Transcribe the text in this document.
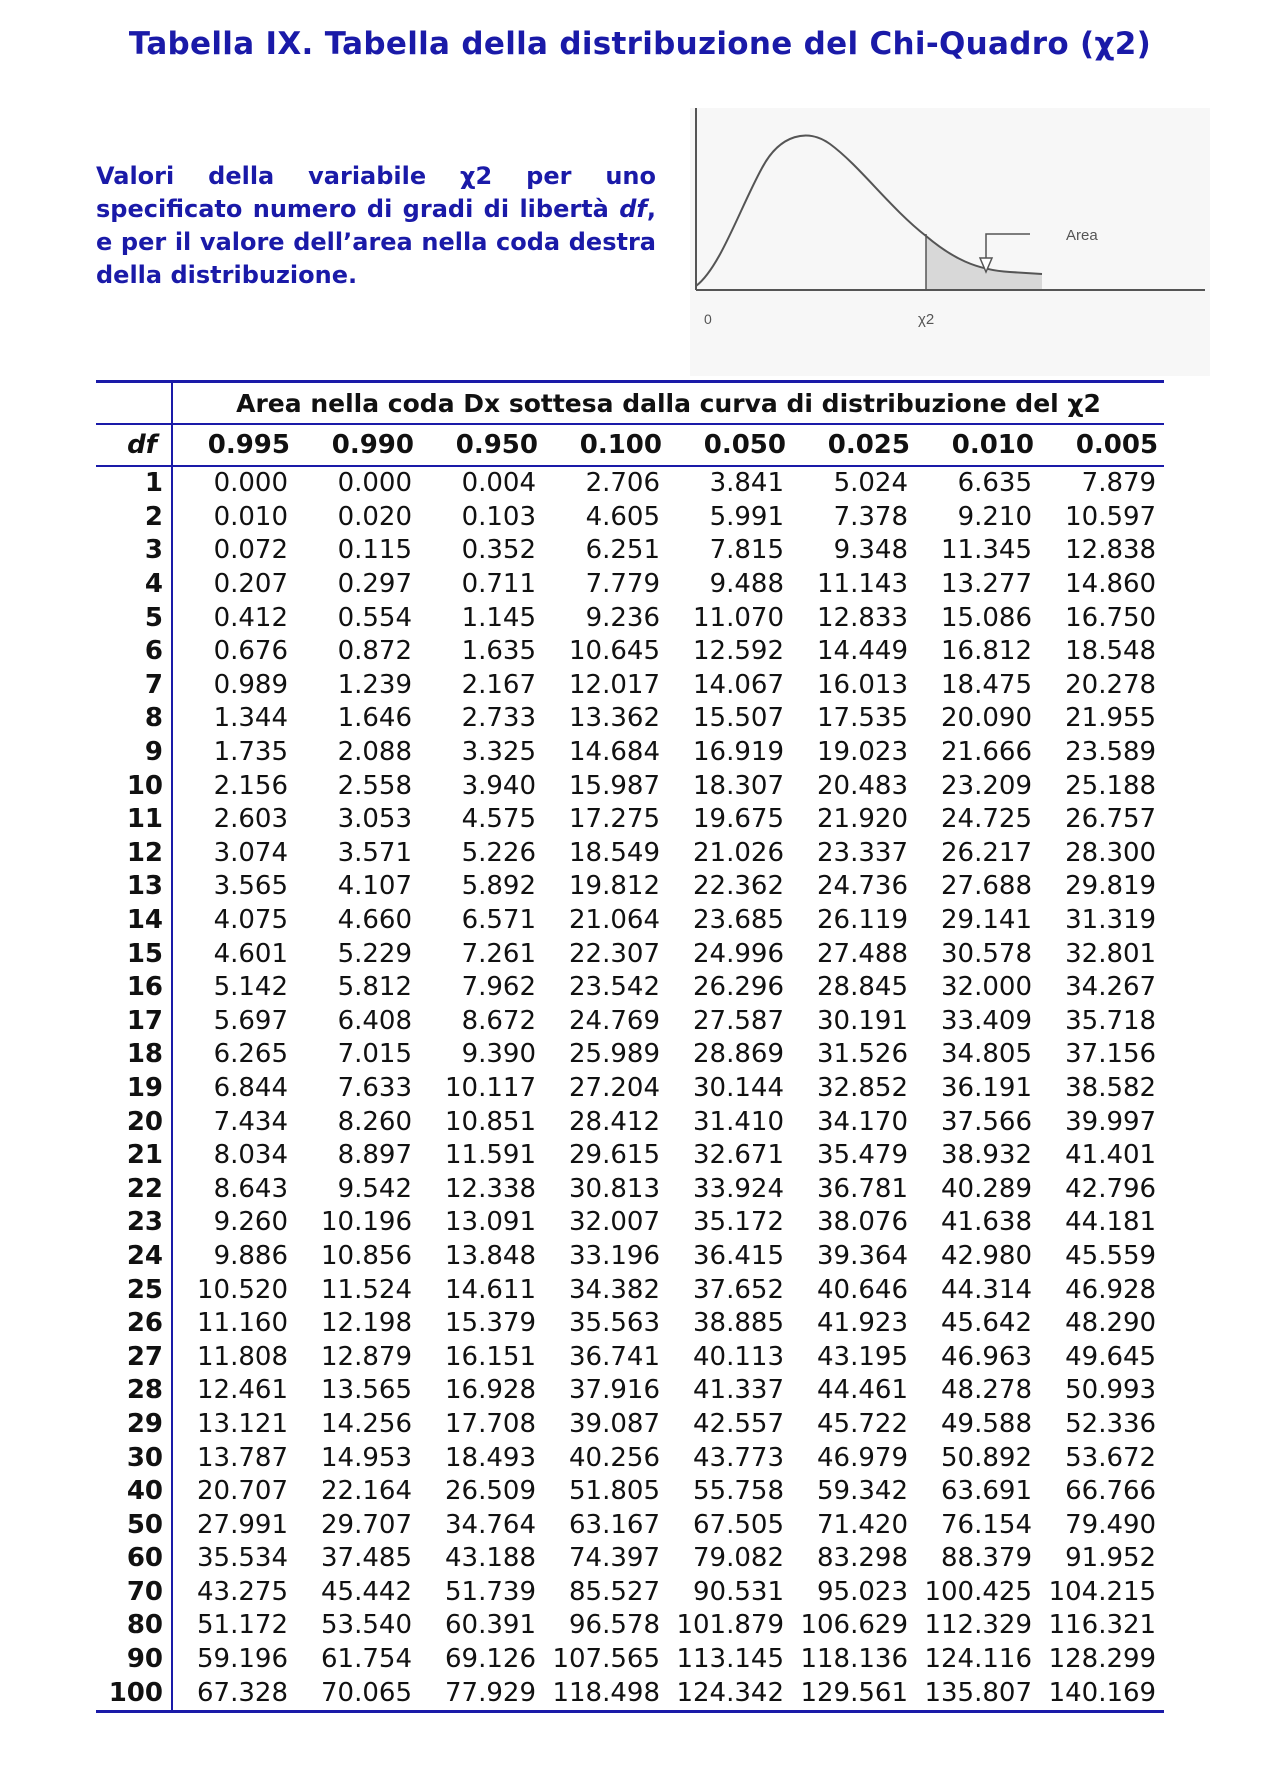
Tabella IX. Tabella della distribuzione del Chi-Quadro (χ2)
Valori della variabile χ2 per uno specificato numero di gradi di libertà df, e per il valore dell’area nella coda destra della distribuzione.
Area
0	χ2
	Area nella coda Dx sottesa dalla curva di distribuzione del χ2							
df	0.995	0.990	0.950	0.100	0.050	0.025	0.010	0.005
1	0.000	0.000	0.004	2.706	3.841	5.024	6.635	7.879
2	0.010	0.020	0.103	4.605	5.991	7.378	9.210	10.597
3	0.072	0.115	0.352	6.251	7.815	9.348	11.345	12.838
4	0.207	0.297	0.711	7.779	9.488	11.143	13.277	14.860
5	0.412	0.554	1.145	9.236	11.070	12.833	15.086	16.750
6	0.676	0.872	1.635	10.645	12.592	14.449	16.812	18.548
7	0.989	1.239	2.167	12.017	14.067	16.013	18.475	20.278
8	1.344	1.646	2.733	13.362	15.507	17.535	20.090	21.955
9	1.735	2.088	3.325	14.684	16.919	19.023	21.666	23.589
10	2.156	2.558	3.940	15.987	18.307	20.483	23.209	25.188
11	2.603	3.053	4.575	17.275	19.675	21.920	24.725	26.757
12	3.074	3.571	5.226	18.549	21.026	23.337	26.217	28.300
13	3.565	4.107	5.892	19.812	22.362	24.736	27.688	29.819
14	4.075	4.660	6.571	21.064	23.685	26.119	29.141	31.319
15	4.601	5.229	7.261	22.307	24.996	27.488	30.578	32.801
16	5.142	5.812	7.962	23.542	26.296	28.845	32.000	34.267
17	5.697	6.408	8.672	24.769	27.587	30.191	33.409	35.718
18	6.265	7.015	9.390	25.989	28.869	31.526	34.805	37.156
19	6.844	7.633	10.117	27.204	30.144	32.852	36.191	38.582
20	7.434	8.260	10.851	28.412	31.410	34.170	37.566	39.997
21	8.034	8.897	11.591	29.615	32.671	35.479	38.932	41.401
22	8.643	9.542	12.338	30.813	33.924	36.781	40.289	42.796
23	9.260	10.196	13.091	32.007	35.172	38.076	41.638	44.181
24	9.886	10.856	13.848	33.196	36.415	39.364	42.980	45.559
25	10.520	11.524	14.611	34.382	37.652	40.646	44.314	46.928
26	11.160	12.198	15.379	35.563	38.885	41.923	45.642	48.290
27	11.808	12.879	16.151	36.741	40.113	43.195	46.963	49.645
28	12.461	13.565	16.928	37.916	41.337	44.461	48.278	50.993
29	13.121	14.256	17.708	39.087	42.557	45.722	49.588	52.336
30	13.787	14.953	18.493	40.256	43.773	46.979	50.892	53.672
40	20.707	22.164	26.509	51.805	55.758	59.342	63.691	66.766
50	27.991	29.707	34.764	63.167	67.505	71.420	76.154	79.490
60	35.534	37.485	43.188	74.397	79.082	83.298	88.379	91.952
70	43.275	45.442	51.739	85.527	90.531	95.023	100.425	104.215
80	51.172	53.540	60.391	96.578	101.879	106.629	112.329	116.321
90	59.196	61.754	69.126	107.565	113.145	118.136	124.116	128.299
100	67.328	70.065	77.929	118.498	124.342	129.561	135.807	140.169
